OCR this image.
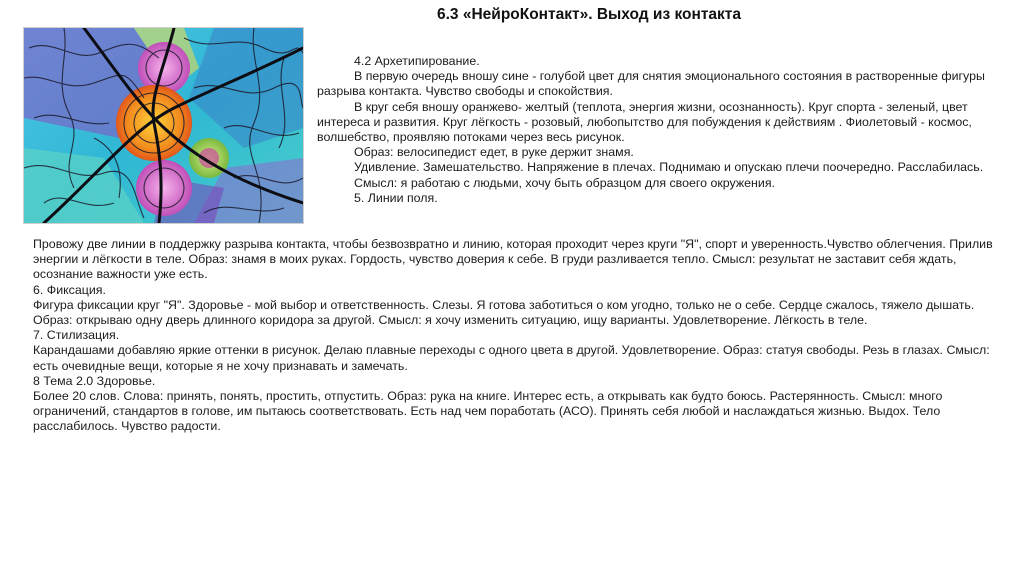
6.3 «НейроКонтакт». Выход из контакта

4.2 Архетипирование.

В первую очередь вношу сине - голубой цвет для снятия эмоционального состояния в растворенные фигуры разрыва контакта. Чувство свободы и спокойствия.

В круг себя вношу оранжево- желтый (теплота, энергия жизни, осознанность). Круг спорта - зеленый, цвет интереса и развития. Круг лёгкость - розовый, любопытство для побуждения к действиям . Фиолетовый - космос, волшебство, проявляю потоками через весь рисунок.

Образ: велосипедист едет, в руке держит знамя.

Удивление. Замешательство. Напряжение в плечах. Поднимаю и опускаю плечи поочередно. Расслабилась.

Смысл: я работаю с людьми, хочу быть образцом для своего окружения.

5. Линии поля.

Провожу две линии в поддержку разрыва контакта, чтобы безвозвратно и линию, которая проходит через круги "Я", спорт и уверенность.Чувство облегчения. Прилив энергии и лёгкости в теле. Образ: знамя в моих руках. Гордость, чувство доверия к себе. В груди разливается тепло. Смысл: результат не заставит себя ждать, осознание важности уже есть.

6. Фиксация.

Фигура фиксации круг "Я". Здоровье - мой выбор и ответственность. Слезы. Я готова заботиться о ком угодно, только не о себе. Сердце сжалось, тяжело дышать. Образ: открываю одну дверь длинного коридора за другой. Смысл: я хочу изменить ситуацию, ищу варианты. Удовлетворение. Лёгкость в теле.

7. Стилизация.

Карандашами добавляю яркие оттенки в рисунок. Делаю плавные переходы с одного цвета в другой. Удовлетворение. Образ: статуя свободы. Резь в глазах. Смысл: есть очевидные вещи, которые я не хочу признавать и замечать.

8 Тема 2.0 Здоровье.

Более 20 слов. Слова: принять, понять, простить, отпустить. Образ: рука на книге. Интерес есть, а открывать как будто боюсь. Растерянность. Смысл: много ограничений, стандартов в голове, им пытаюсь соответствовать. Есть над чем поработать (АСО). Принять себя любой и наслаждаться жизнью. Выдох. Тело расслабилось. Чувство радости.
